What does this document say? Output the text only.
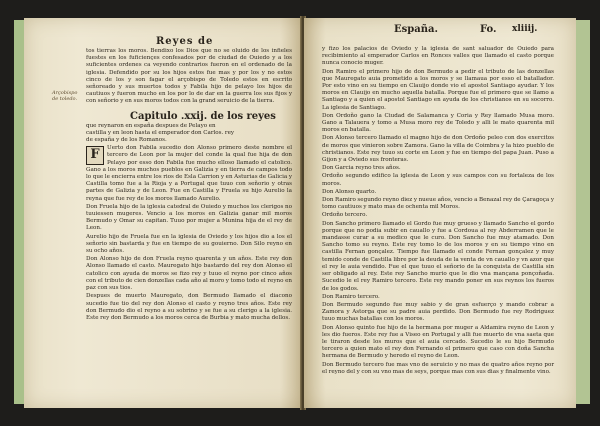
Reyes de
Arçobispo de toledo.

tos tierras los moros. Bendixo los Dios que no se oluido de los infieles fuestes en los fuficiençes confesados por de ciudad de Ouiedo y a los suficientes ordenes ca veyendo contrarios fueron en el ordenado de la iglesia. Defendido por su los hijos estos fue mas y por los y no estos cinco de los y son fagar el arçobispo de Toledo estos en escrito señoreado y sus muertos todos y Fabila hijo de pelayo los hijos de cautiuos y fueron mucho en los por lo de dar en la guerra los sus fijos y con señorio y en sus moros todos con la grand seruicio de la tierra.

Capitulo .xxij. de los reyes

que reynaron en españa despues de Pelayo en castilla y en leon hasta el emperador don Carlos. rey de españa y de los Romanos.

F	Uerto don Fabila sucedio don Alonso primero deste nombre el tercero de Leon por la mujer del conde la qual fue hija de don Pelayo por esso don Fabila fue mucho elloso llamado el catolico. Gano a los moros muchos pueblos en Galizia y en tierra de campos todo lo que le encierra entre los rios de Esla Carrion y en Asturias de Galicia y Castilla tomo fue a la Rioja y a Portugal que tuuo con señorio y otras partes de Galizia y de Leon. Fue en Castilla y Fruela su hijo Aurelio la reyna que fue rey de los moros llamado Aurelio.

Don Fruela hijo de la iglesia catedral de Ouiedo y muchos los clerigos no tuuiessen mugeres. Vencio a los moros en Galizia ganar mil moros Bermudo y Omar su capitan. Tuuo por mujer a Munina hija de el rey de Leon.

Aurelio hijo de Fruela fue en la iglesia de Oviedo y los hijos dio a los el señorio sin bastarda y fue en tiempo de su gouierno. Don Silo reyno en su ocho años.

Don Alonso hijo de don Fruela reyno quarenta y un años. Este rey don Alonso llamado el casto. Mauregato hijo bastardo del rey don Alonso el catolico con ayuda de moros se fizo rey y tuuo el reyno por cinco años con el tributo de cien donzellas cada año al moro y tomo todo el reyno en paz con sus tios.

Despues de muerto Mauregato, don Bermudo llamado el diacono sucedio fue tio del rey don Alonso el casto y reyno tres años. Este rey don Bermudo dio el reyno a su sobrino y se fue a su clerigo a la iglesia. Este rey don Bermudo a los moros cerca de Burbia y mato mucha dellos.

España.	Fo. xliiij.

y fizo los palacios de Oviedo y la iglesia de sant saluador de Ouiedo para recibimiento al emperador Carlos en Ronces valles que llamado el casto porque nunca conocio muger.

Don Ramiro el primero hijo de don Bermudo a pedir el tributo de las donzellas que Mauregato auia prometido a los moros y se llamaua por esso el batallador. Por esto vino en su tiempo en Clauijo donde vio el apostol Santiago ayudar. Y los moros en Clauijo en mucho aquella batalla. Porque fue el primero que se llamo a Santiago y a quien el apostol Santiago en ayuda de los christianos en su socorro. La iglesia de Santiago.

Don Ordoño gano la Ciudad de Salamanca y Coria y Rey llamado Musa moro. Gano a Talauera y tomo a Musa moro rey de Toledo y alli le mato quarenta mil moros en batalla.

Don Alonso tercero llamado el magno hijo de don Ordoño peleo con dos exercitos de moros que vinieron sobre Zamora. Gano la villa de Coimbra y la hizo pueblo de christianos. Este rey tuuo su corte en Leon y fue en tiempo del papa Juan. Puso a Gijon y a Oviedo sus fronteras.

Don Garcia reyno tres años.

Ordoño segundo edifico la iglesia de Leon y sus campos con su fortaleza de los moros.

Don Alonso quarto.

Don Ramiro segundo reyno diez y nueue años, vencio a Benazal rey de Çaragoça y tomo cautiuos y mato mas de ochenta mil Moros.

Ordoño tercero.

Don Sancho primero llamado el Gordo fue muy grueso y llamado Sancho el gordo porque que no podia subir en cauallo y fue a Cordoua al rey Abderramen que le mandasse curar a su medico que le curo. Don Sancho fue muy atamado. Don Sancho tomo su reyno. Este rey tomo lo de los moros y en su tiempo vino en castilla Fernan gonçalez. Tiempo fue llamado el conde Fernan gonçalez y muy temido conde de Castilla libre por la deuda de la venta de vn cauallo y vn azor que el rey le auia vendido. Fue el que tuuo el señorio de la conquista de Castilla sin ser obligado al rey. Este rey Sancho murio que le dio vna mançana ponçoñada. Sucedio le el rey Ramiro tercero. Este rey mando poner en sus reynos los fueros de los godos.

Don Ramiro tercero.

Don Bermudo segundo fue muy sabio y de gran esfuerço y mando cobrar a Zamora y Astorga que su padre auia perdido. Don Bermudo fue rey Rodriguez tuuo muchas batallas con los moros.

Don Alonso quinto fue hijo de la hermana por muger a Aldamira reyno de Leon y les dio fueros. Este rey fue a Viseo en Portugal y alli fue muerto de vna saeta que le tiraron desde los muros que el auia cercado. Sucedio le su hijo Bermudo tercero a quien mato el rey don Fernando el primero que caso con doña Sancha hermana de Bermudo y heredo el reyno de Leon.

Don Bermudo tercero fue mas vno de seruicio y no mas de quatro años reyno por el reyno del y con su vno mas de seys, porque mas con sus dias y finalmente vino.
